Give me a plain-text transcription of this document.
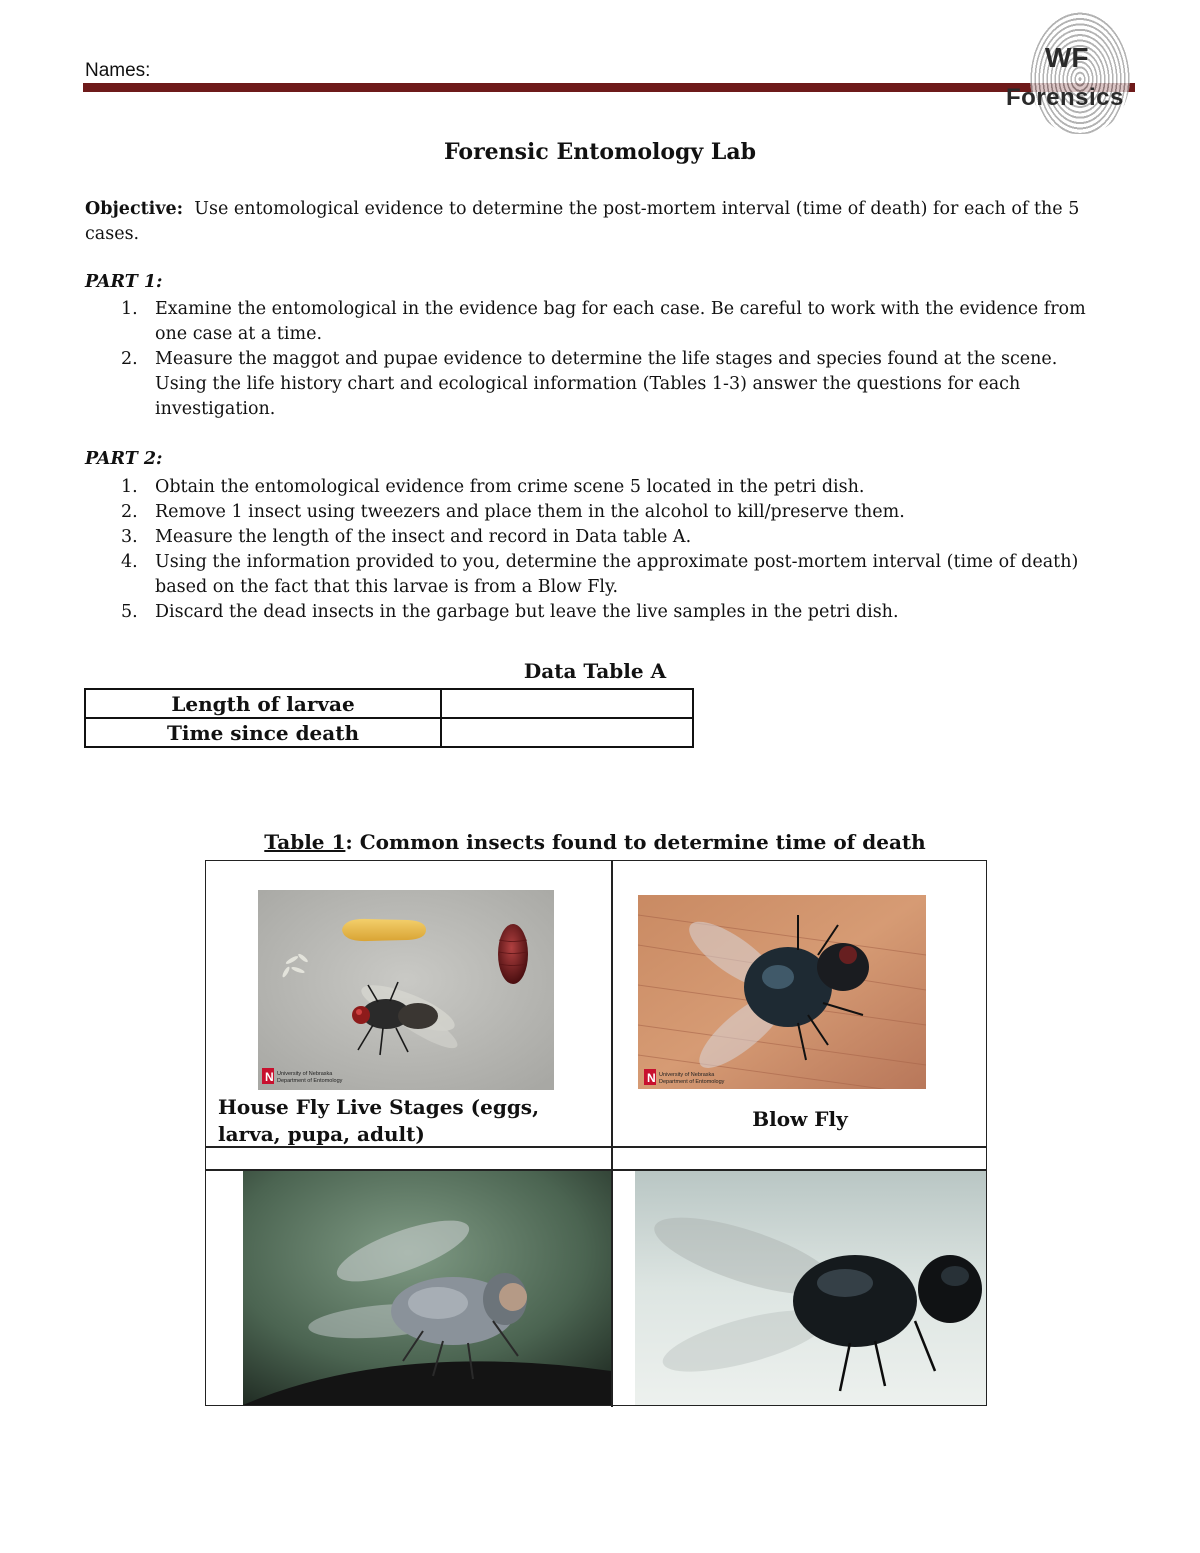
Names:	WF
Forensics
Forensic Entomology Lab
Objective: Use entomological evidence to determine the post-mortem interval (time of death) for each of the 5 cases.
PART 1:
1. Examine the entomological in the evidence bag for each case. Be careful to work with the evidence from one case at a time.
2. Measure the maggot and pupae evidence to determine the life stages and species found at the scene. Using the life history chart and ecological information (Tables 1-3) answer the questions for each investigation.
PART 2:
1. Obtain the entomological evidence from crime scene 5 located in the petri dish.
2. Remove 1 insect using tweezers and place them in the alcohol to kill/preserve them.
3. Measure the length of the insect and record in Data table A.
4. Using the information provided to you, determine the approximate post-mortem interval (time of death) based on the fact that this larvae is from a Blow Fly.
5. Discard the dead insects in the garbage but leave the live samples in the petri dish.
Data Table A
Length of larvae	
Time since death	
Table 1: Common insects found to determine time of death
N University of Nebraska
Department of Entomology
House Fly Live Stages (eggs, larva, pupa, adult)
N University of Nebraska
Department of Entomology
Blow Fly
